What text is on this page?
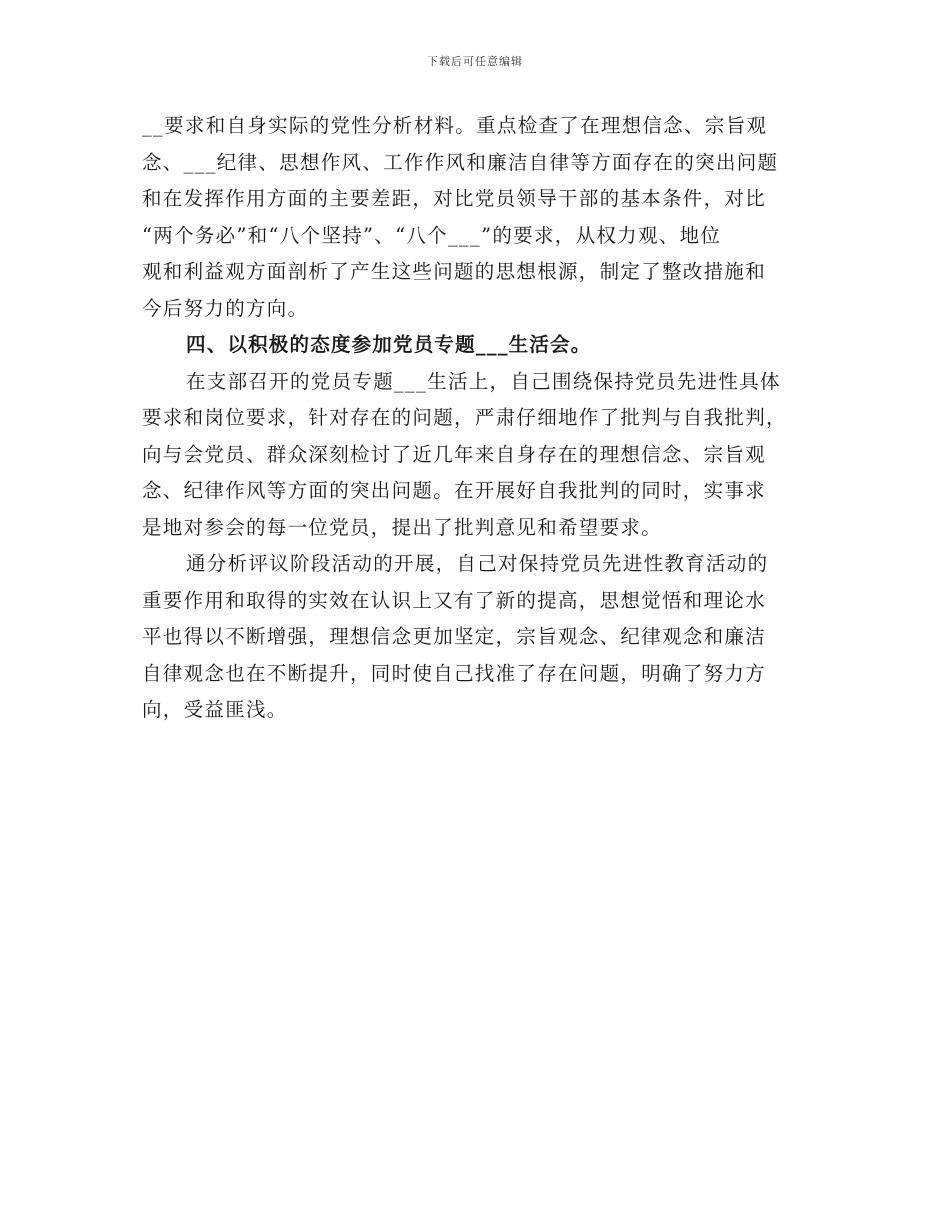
下载后可任意编辑
__要求和自身实际的党性分析材料。重点检查了在理想信念、宗旨观
念、___纪律、思想作风、工作作风和廉洁自律等方面存在的突出问题
和在发挥作用方面的主要差距，对比党员领导干部的基本条件，对比
“两个务必”和“八个坚持”、“八个___”的要求，从权力观、地位
观和利益观方面剖析了产生这些问题的思想根源，制定了整改措施和
今后努力的方向。
四、以积极的态度参加党员专题___生活会。
在支部召开的党员专题___生活上，自己围绕保持党员先进性具体
要求和岗位要求，针对存在的问题，严肃仔细地作了批判与自我批判，
向与会党员、群众深刻检讨了近几年来自身存在的理想信念、宗旨观
念、纪律作风等方面的突出问题。在开展好自我批判的同时，实事求
是地对参会的每一位党员，提出了批判意见和希望要求。
通分析评议阶段活动的开展，自己对保持党员先进性教育活动的
重要作用和取得的实效在认识上又有了新的提高，思想觉悟和理论水
平也得以不断增强，理想信念更加坚定，宗旨观念、纪律观念和廉洁
自律观念也在不断提升，同时使自己找准了存在问题，明确了努力方
向，受益匪浅。
